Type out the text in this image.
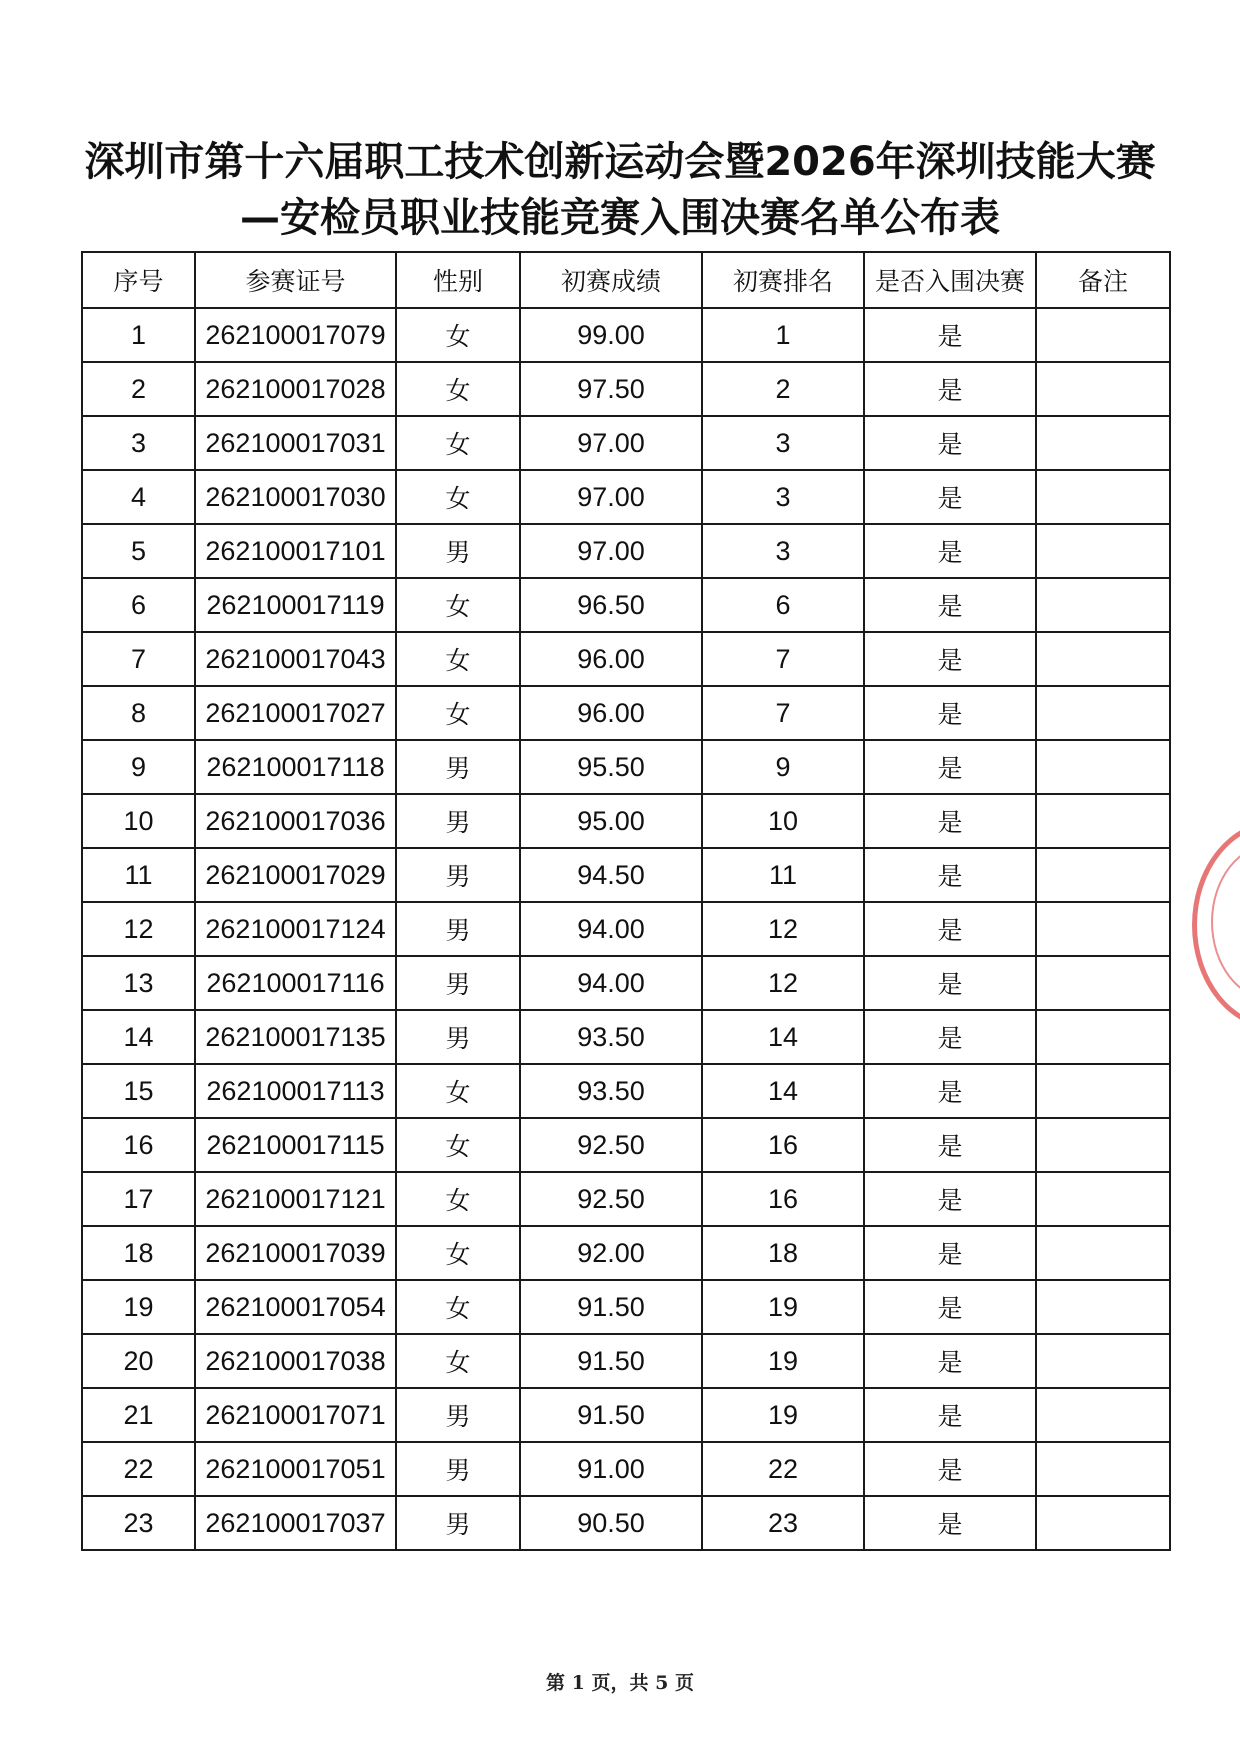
深圳市第十六届职工技术创新运动会暨2026年深圳技能大赛
—安检员职业技能竞赛入围决赛名单公布表
序号	参赛证号	性别	初赛成绩	初赛排名	是否入围决赛	备注
1	262100017079	女	99.00	1	是	
2	262100017028	女	97.50	2	是	
3	262100017031	女	97.00	3	是	
4	262100017030	女	97.00	3	是	
5	262100017101	男	97.00	3	是	
6	262100017119	女	96.50	6	是	
7	262100017043	女	96.00	7	是	
8	262100017027	女	96.00	7	是	
9	262100017118	男	95.50	9	是	
10	262100017036	男	95.00	10	是	
11	262100017029	男	94.50	11	是	
12	262100017124	男	94.00	12	是	
13	262100017116	男	94.00	12	是	
14	262100017135	男	93.50	14	是	
15	262100017113	女	93.50	14	是	
16	262100017115	女	92.50	16	是	
17	262100017121	女	92.50	16	是	
18	262100017039	女	92.00	18	是	
19	262100017054	女	91.50	19	是	
20	262100017038	女	91.50	19	是	
21	262100017071	男	91.50	19	是	
22	262100017051	男	91.00	22	是	
23	262100017037	男	90.50	23	是	
第 1 页，共 5 页
